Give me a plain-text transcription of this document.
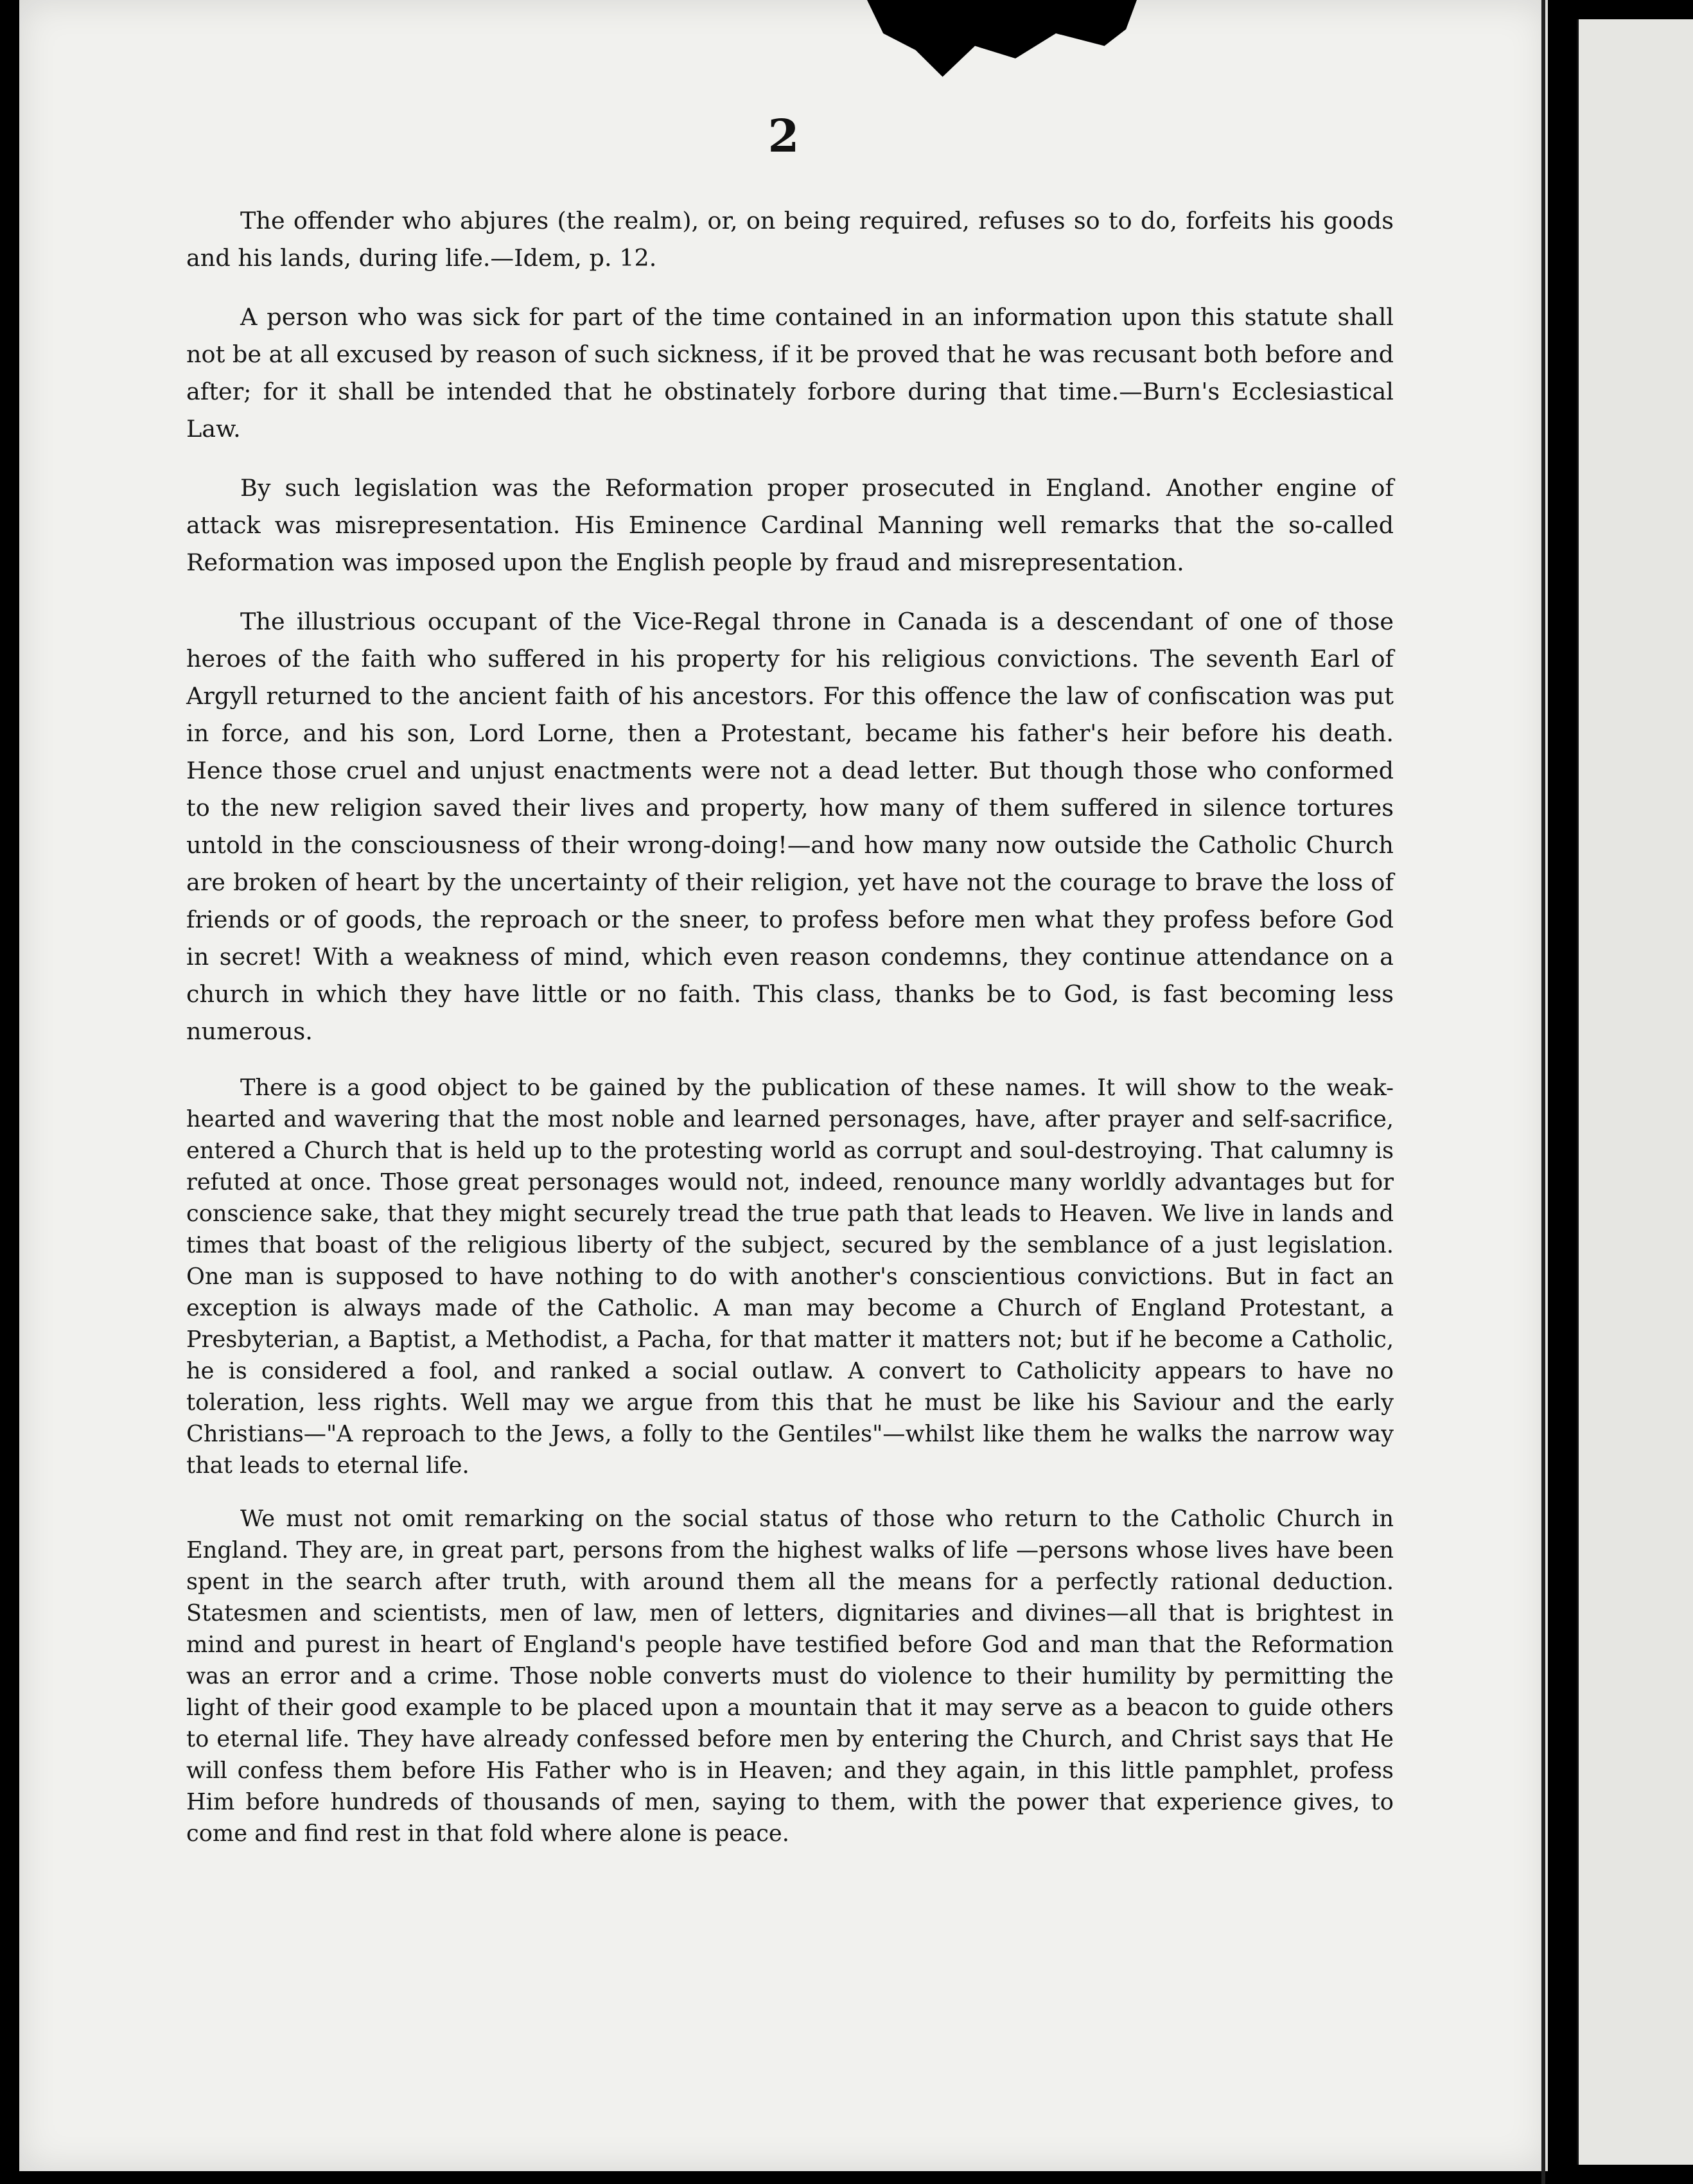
2

The offender who abjures (the realm), or, on being required, refuses so to do, forfeits his goods and his lands, during life.—Idem, p. 12.

A person who was sick for part of the time contained in an information upon this statute shall not be at all excused by reason of such sickness, if it be proved that he was recusant both before and after; for it shall be intended that he obstinately forbore during that time.—Burn's Ecclesiastical Law.

By such legislation was the Reformation proper prosecuted in England. Another engine of attack was misrepresentation. His Eminence Cardinal Manning well remarks that the so-called Reformation was imposed upon the English people by fraud and misrepresentation.

The illustrious occupant of the Vice-Regal throne in Canada is a descendant of one of those heroes of the faith who suffered in his property for his religious convictions. The seventh Earl of Argyll returned to the ancient faith of his ancestors. For this offence the law of confiscation was put in force, and his son, Lord Lorne, then a Protestant, became his father's heir before his death. Hence those cruel and unjust enactments were not a dead letter. But though those who conformed to the new religion saved their lives and property, how many of them suffered in silence tortures untold in the consciousness of their wrong-doing!—and how many now outside the Catholic Church are broken of heart by the uncertainty of their religion, yet have not the courage to brave the loss of friends or of goods, the reproach or the sneer, to profess before men what they profess before God in secret! With a weakness of mind, which even reason condemns, they continue attendance on a church in which they have little or no faith. This class, thanks be to God, is fast becoming less numerous.

There is a good object to be gained by the publication of these names. It will show to the weak-hearted and wavering that the most noble and learned personages, have, after prayer and self-sacrifice, entered a Church that is held up to the protesting world as corrupt and soul-destroying. That calumny is refuted at once. Those great personages would not, indeed, renounce many worldly advantages but for conscience sake, that they might securely tread the true path that leads to Heaven. We live in lands and times that boast of the religious liberty of the subject, secured by the semblance of a just legislation. One man is supposed to have nothing to do with another's conscientious convictions. But in fact an exception is always made of the Catholic. A man may become a Church of England Protestant, a Presbyterian, a Baptist, a Methodist, a Pacha, for that matter it matters not; but if he become a Catholic, he is considered a fool, and ranked a social outlaw. A convert to Catholicity appears to have no toleration, less rights. Well may we argue from this that he must be like his Saviour and the early Christians—"A reproach to the Jews, a folly to the Gentiles"—whilst like them he walks the narrow way that leads to eternal life.

We must not omit remarking on the social status of those who return to the Catholic Church in England. They are, in great part, persons from the highest walks of life —persons whose lives have been spent in the search after truth, with around them all the means for a perfectly rational deduction. Statesmen and scientists, men of law, men of letters, dignitaries and divines—all that is brightest in mind and purest in heart of England's people have testified before God and man that the Reformation was an error and a crime. Those noble converts must do violence to their humility by permitting the light of their good example to be placed upon a mountain that it may serve as a beacon to guide others to eternal life. They have already confessed before men by entering the Church, and Christ says that He will confess them before His Father who is in Heaven; and they again, in this little pamphlet, profess Him before hundreds of thousands of men, saying to them, with the power that experience gives, to come and find rest in that fold where alone is peace.
